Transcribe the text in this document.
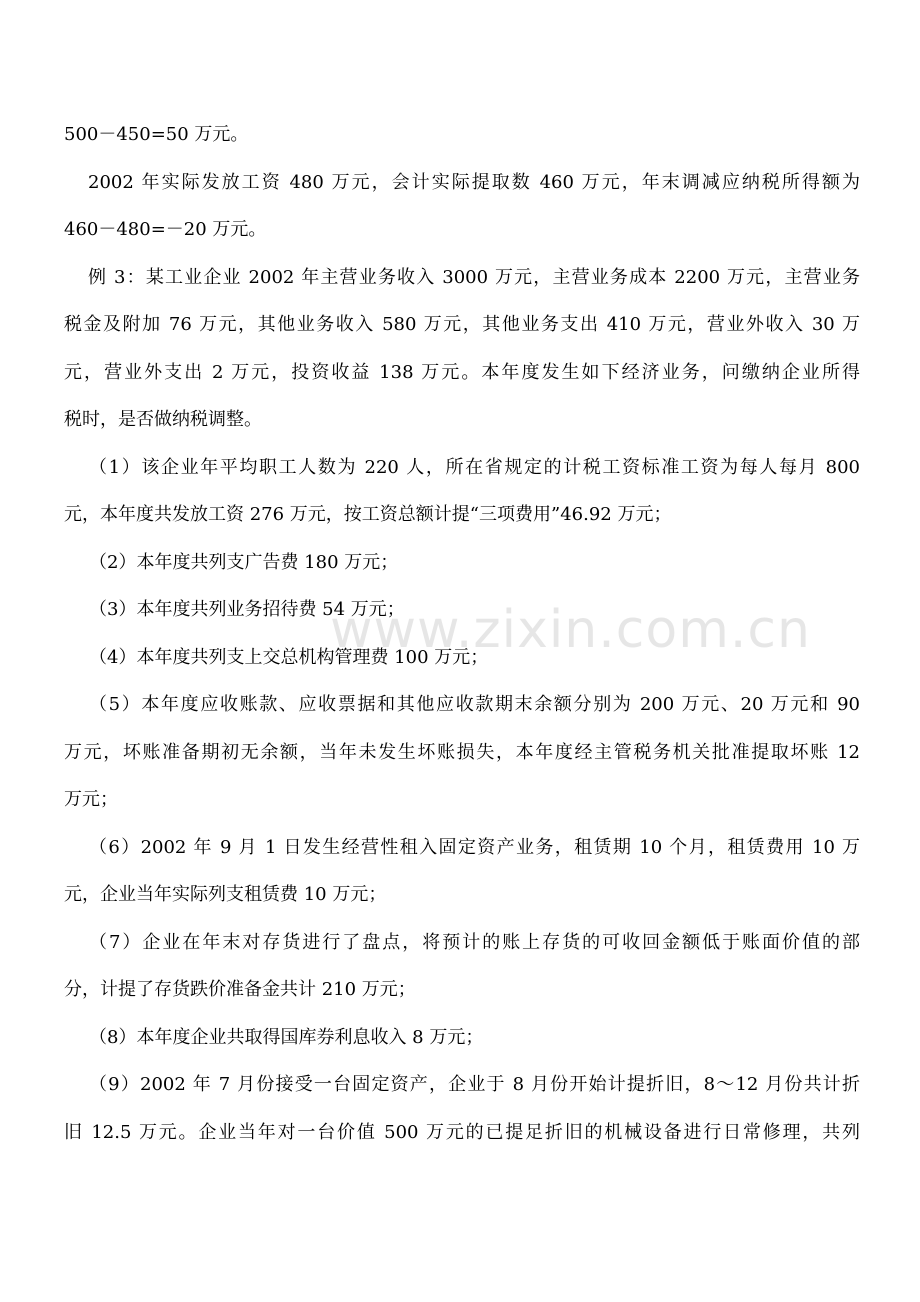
www.zixin.com.cn
500－450=50 万元。
2002 年实际发放工资 480 万元，会计实际提取数 460 万元，年末调减应纳税所得额为
460－480=－20 万元。
例 3：某工业企业 2002 年主营业务收入 3000 万元，主营业务成本 2200 万元，主营业务
税金及附加 76 万元，其他业务收入 580 万元，其他业务支出 410 万元，营业外收入 30 万
元，营业外支出 2 万元，投资收益 138 万元。本年度发生如下经济业务，问缴纳企业所得
税时，是否做纳税调整。
（1）该企业年平均职工人数为 220 人，所在省规定的计税工资标准工资为每人每月 800
元，本年度共发放工资 276 万元，按工资总额计提“三项费用”46.92 万元；
（2）本年度共列支广告费 180 万元；
（3）本年度共列业务招待费 54 万元；
（4）本年度共列支上交总机构管理费 100 万元；
（5）本年度应收账款、应收票据和其他应收款期末余额分别为 200 万元、20 万元和 90
万元，坏账准备期初无余额，当年未发生坏账损失，本年度经主管税务机关批准提取坏账 12
万元；
（6）2002 年 9 月 1 日发生经营性租入固定资产业务，租赁期 10 个月，租赁费用 10 万
元，企业当年实际列支租赁费 10 万元；
（7）企业在年末对存货进行了盘点，将预计的账上存货的可收回金额低于账面价值的部
分，计提了存货跌价准备金共计 210 万元；
（8）本年度企业共取得国库券利息收入 8 万元；
（9）2002 年 7 月份接受一台固定资产，企业于 8 月份开始计提折旧，8～12 月份共计折
旧 12.5 万元。企业当年对一台价值 500 万元的已提足折旧的机械设备进行日常修理，共列
